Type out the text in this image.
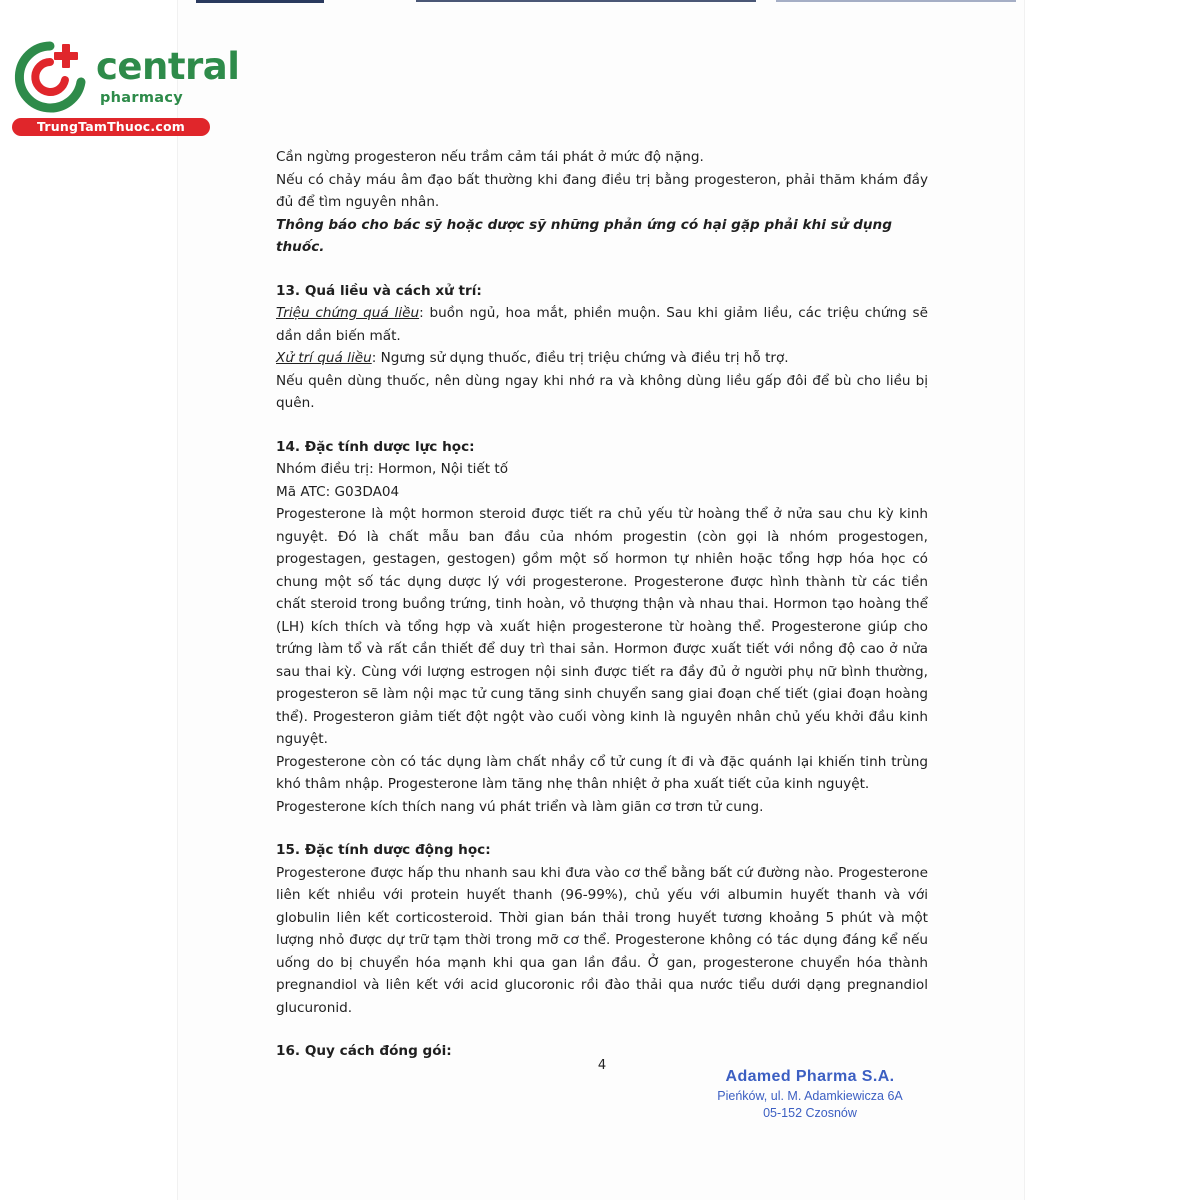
central
pharmacy
TrungTamThuoc.com

Cần ngừng progesteron nếu trầm cảm tái phát ở mức độ nặng.

Nếu có chảy máu âm đạo bất thường khi đang điều trị bằng progesteron, phải thăm khám đầy đủ để tìm nguyên nhân.

Thông báo cho bác sỹ hoặc dược sỹ những phản ứng có hại gặp phải khi sử dụng thuốc.

13. Quá liều và cách xử trí:

Triệu chứng quá liều: buồn ngủ, hoa mắt, phiền muộn. Sau khi giảm liều, các triệu chứng sẽ dần dần biến mất.

Xử trí quá liều: Ngưng sử dụng thuốc, điều trị triệu chứng và điều trị hỗ trợ.

Nếu quên dùng thuốc, nên dùng ngay khi nhớ ra và không dùng liều gấp đôi để bù cho liều bị quên.

14. Đặc tính dược lực học:

Nhóm điều trị: Hormon, Nội tiết tố

Mã ATC: G03DA04

Progesterone là một hormon steroid được tiết ra chủ yếu từ hoàng thể ở nửa sau chu kỳ kinh nguyệt. Đó là chất mẫu ban đầu của nhóm progestin (còn gọi là nhóm progestogen, progestagen, gestagen, gestogen) gồm một số hormon tự nhiên hoặc tổng hợp hóa học có chung một số tác dụng dược lý với progesterone. Progesterone được hình thành từ các tiền chất steroid trong buồng trứng, tinh hoàn, vỏ thượng thận và nhau thai. Hormon tạo hoàng thể (LH) kích thích và tổng hợp và xuất hiện progesterone từ hoàng thể. Progesterone giúp cho trứng làm tổ và rất cần thiết để duy trì thai sản. Hormon được xuất tiết với nồng độ cao ở nửa sau thai kỳ. Cùng với lượng estrogen nội sinh được tiết ra đầy đủ ở người phụ nữ bình thường, progesteron sẽ làm nội mạc tử cung tăng sinh chuyển sang giai đoạn chế tiết (giai đoạn hoàng thể). Progesteron giảm tiết đột ngột vào cuối vòng kinh là nguyên nhân chủ yếu khởi đầu kinh nguyệt.

Progesterone còn có tác dụng làm chất nhầy cổ tử cung ít đi và đặc quánh lại khiến tinh trùng khó thâm nhập. Progesterone làm tăng nhẹ thân nhiệt ở pha xuất tiết của kinh nguyệt.

Progesterone kích thích nang vú phát triển và làm giãn cơ trơn tử cung.

15. Đặc tính dược động học:

Progesterone được hấp thu nhanh sau khi đưa vào cơ thể bằng bất cứ đường nào. Progesterone liên kết nhiều với protein huyết thanh (96-99%), chủ yếu với albumin huyết thanh và với globulin liên kết corticosteroid. Thời gian bán thải trong huyết tương khoảng 5 phút và một lượng nhỏ được dự trữ tạm thời trong mỡ cơ thể. Progesterone không có tác dụng đáng kể nếu uống do bị chuyển hóa mạnh khi qua gan lần đầu. Ở gan, progesterone chuyển hóa thành pregnandiol và liên kết với acid glucoronic rồi đào thải qua nước tiểu dưới dạng pregnandiol glucuronid.

16. Quy cách đóng gói:
4
Adamed Pharma S.A.
Pieńków, ul. M. Adamkiewicza 6A
05-152 Czosnów
